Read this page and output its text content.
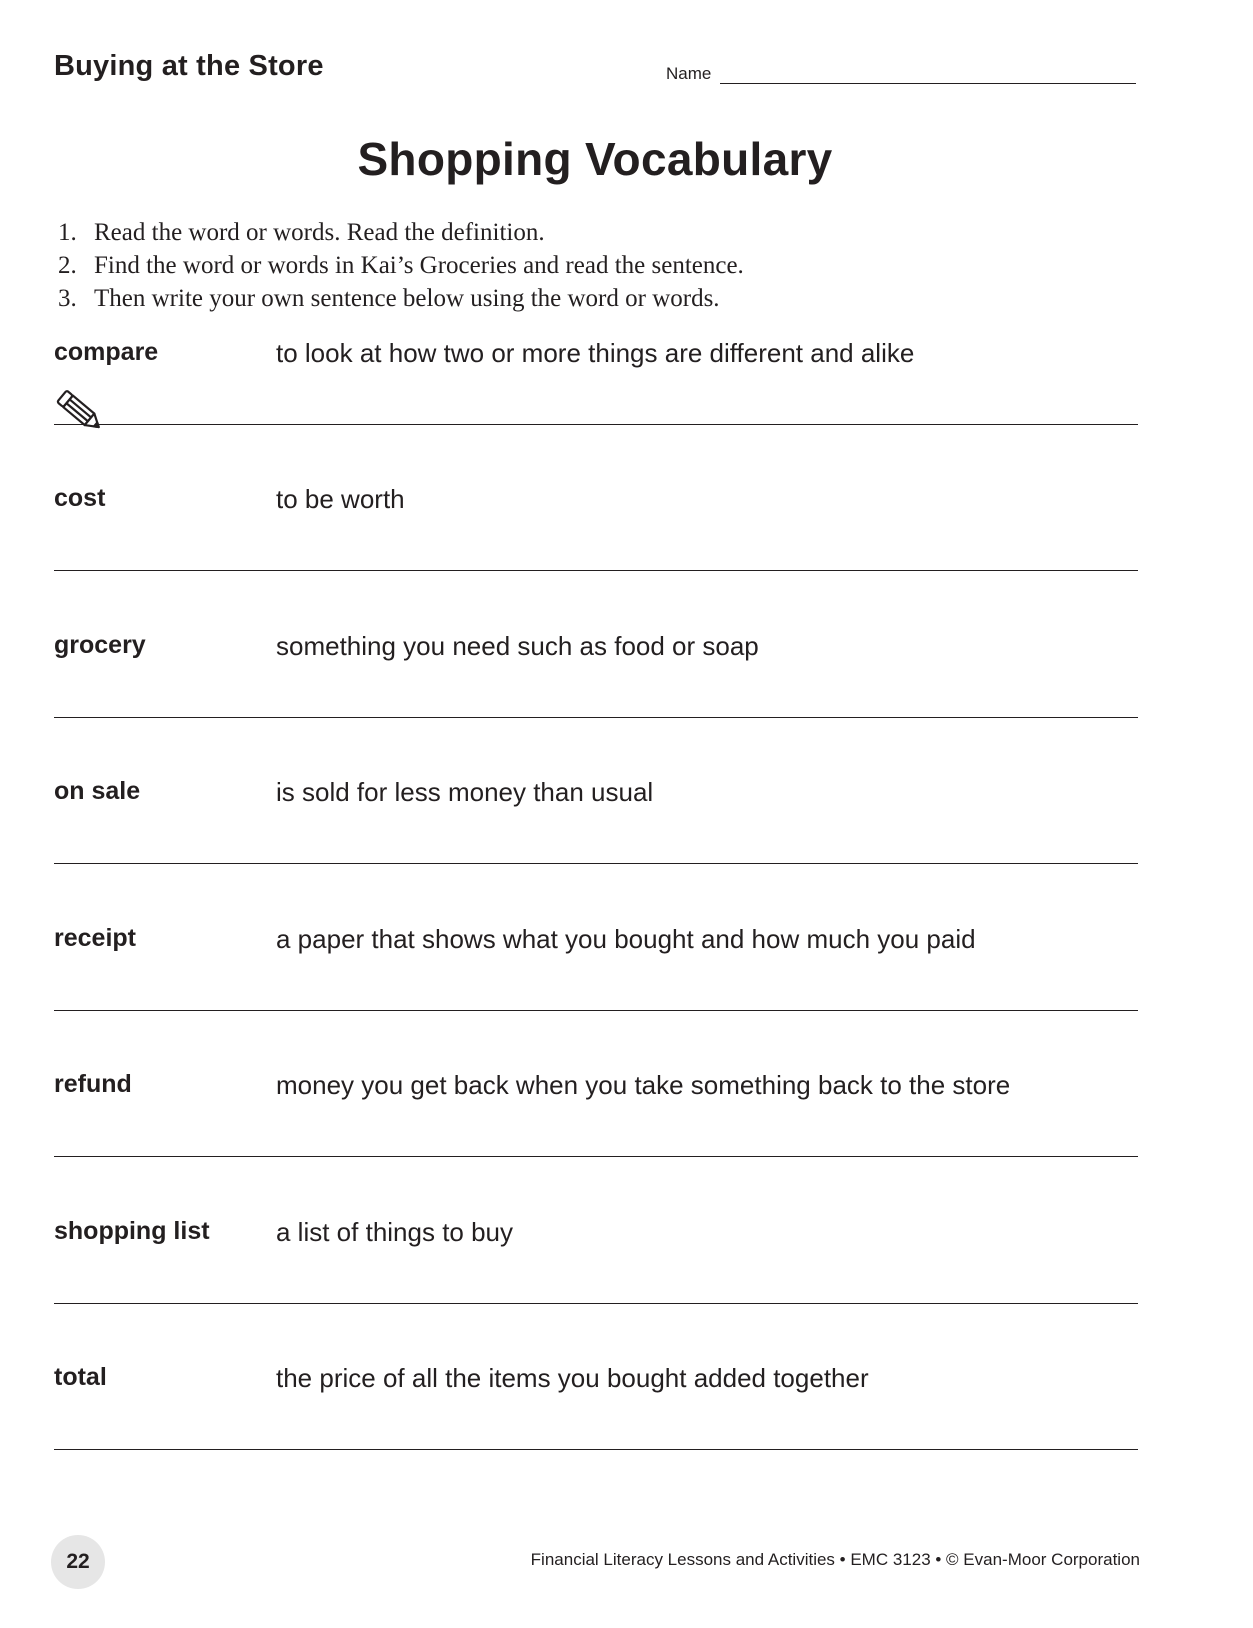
Buying at the Store	Name
Shopping Vocabulary
1. Read the word or words. Read the definition.
2. Find the word or words in Kai’s Groceries and read the sentence.
3. Then write your own sentence below using the word or words.
compare	to look at how two or more things are different and alike
cost	to be worth
grocery	something you need such as food or soap
on sale	is sold for less money than usual
receipt	a paper that shows what you bought and how much you paid
refund	money you get back when you take something back to the store
shopping list	a list of things to buy
total	the price of all the items you bought added together
22	Financial Literacy Lessons and Activities • EMC 3123 • © Evan-Moor Corporation
